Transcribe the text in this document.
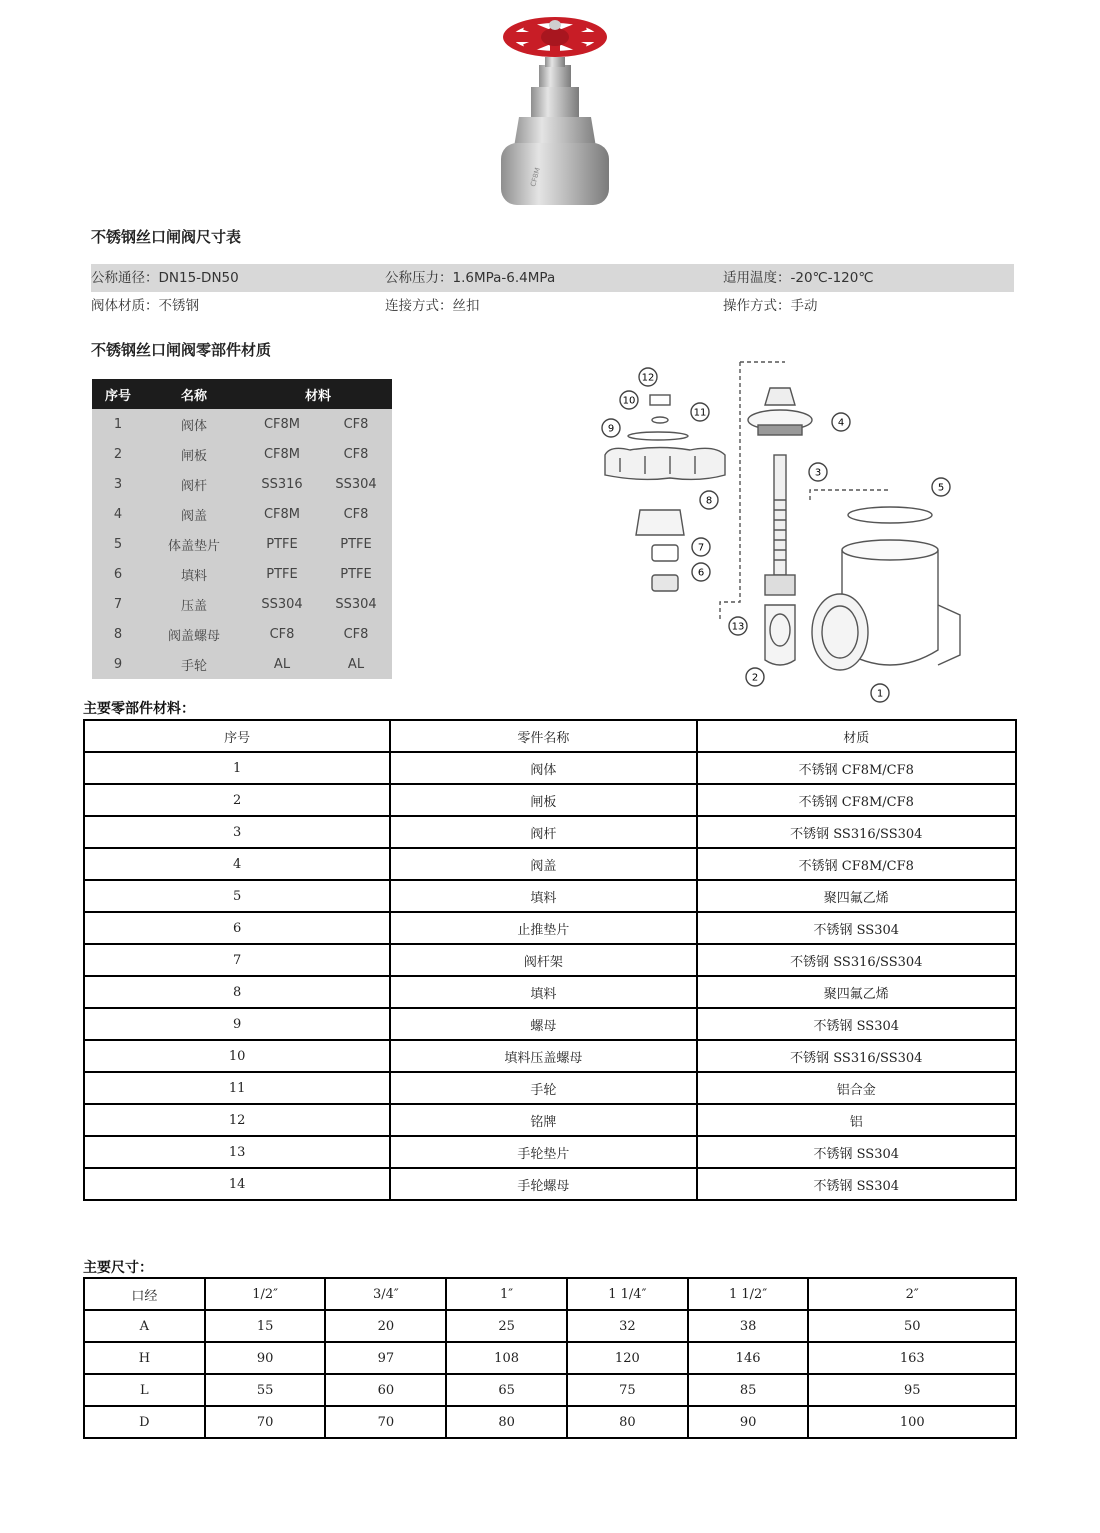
CF8M
不锈钢丝口闸阀尺寸表
公称通径：DN15-DN50	公称压力：1.6MPa-6.4MPa	适用温度：-20℃-120℃
阀体材质：不锈钢	连接方式：丝扣	操作方式：手动
不锈钢丝口闸阀零部件材质
序号	名称	材料	
1	阀体	CF8M	CF8
2	闸板	CF8M	CF8
3	阀杆	SS316	SS304
4	阀盖	CF8M	CF8
5	体盖垫片	PTFE	PTFE
6	填料	PTFE	PTFE
7	压盖	SS304	SS304
8	阀盖螺母	CF8	CF8
9	手轮	AL	AL
1
2
3
4
5
6
7
8
9
10
11
12
13
主要零部件材料：
序号	零件名称	材质
1	阀体	不锈钢 CF8M/CF8
2	闸板	不锈钢 CF8M/CF8
3	阀杆	不锈钢 SS316/SS304
4	阀盖	不锈钢 CF8M/CF8
5	填料	聚四氟乙烯
6	止推垫片	不锈钢 SS304
7	阀杆架	不锈钢 SS316/SS304
8	填料	聚四氟乙烯
9	螺母	不锈钢 SS304
10	填料压盖螺母	不锈钢 SS316/SS304
11	手轮	铝合金
12	铭牌	铝
13	手轮垫片	不锈钢 SS304
14	手轮螺母	不锈钢 SS304
主要尺寸：
口经	1/2″	3/4″	1″	1 1/4″	1 1/2″	2″
A	15	20	25	32	38	50
H	90	97	108	120	146	163
L	55	60	65	75	85	95
D	70	70	80	80	90	100
